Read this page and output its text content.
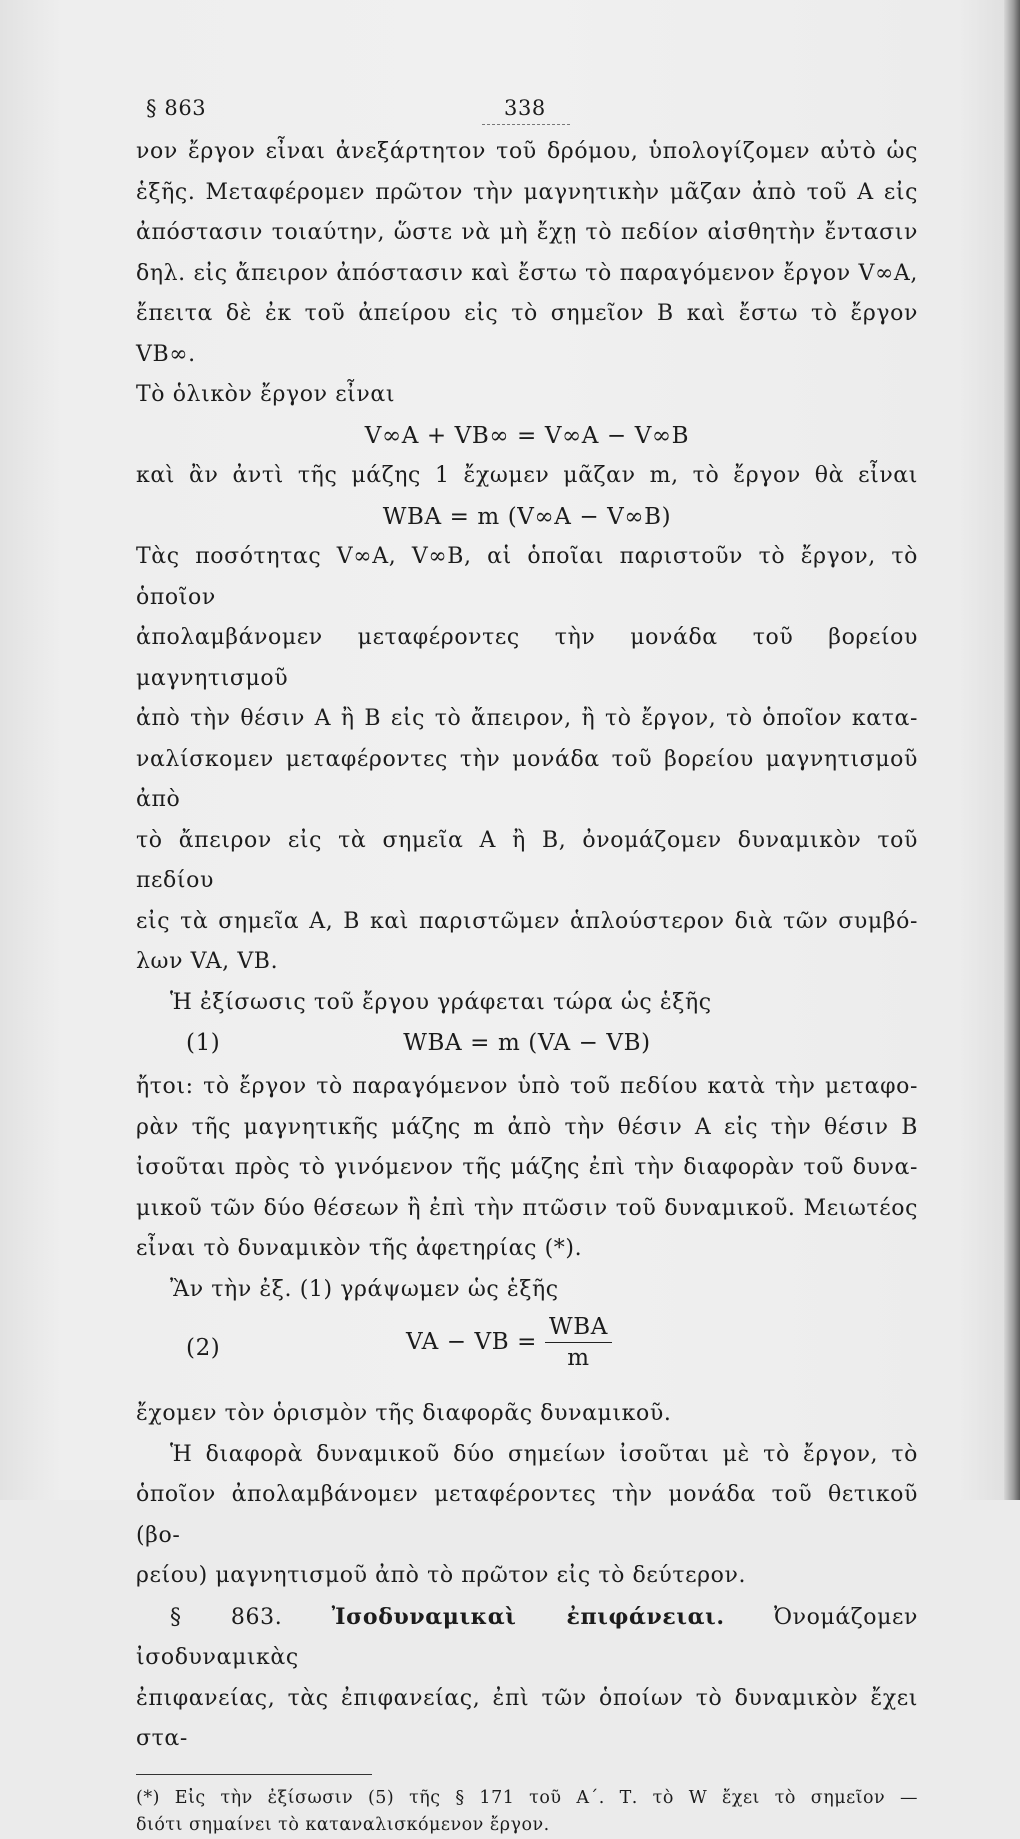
§ 863	338

νον ἔργον εἶναι ἀνεξάρτητον τοῦ δρόμου, ὑπολογίζομεν αὐτὸ ὡς

ἑξῆς. Μεταφέρομεν πρῶτον τὴν μαγνητικὴν μᾶζαν ἀπὸ τοῦ Α εἰς

ἀπόστασιν τοιαύτην, ὥστε νὰ μὴ ἔχῃ τὸ πεδίον αἰσθητὴν ἔντασιν

δηλ. εἰς ἄπειρον ἀπόστασιν καὶ ἔστω τὸ παραγόμενον ἔργον V∞A,

ἔπειτα δὲ ἐκ τοῦ ἀπείρου εἰς τὸ σημεῖον Β καὶ ἔστω τὸ ἔργον VB∞.

Τὸ ὁλικὸν ἔργον εἶναι

V∞A + VB∞ = V∞A − V∞B

καὶ ἂν ἀντὶ τῆς μάζης 1 ἔχωμεν μᾶζαν m, τὸ ἔργον θὰ εἶναι

WBA = m (V∞A − V∞B)

Τὰς ποσότητας V∞A, V∞B, αἱ ὁποῖαι παριστοῦν τὸ ἔργον, τὸ ὁποῖον

ἀπολαμβάνομεν μεταφέροντες τὴν μονάδα τοῦ βορείου μαγνητισμοῦ

ἀπὸ τὴν θέσιν Α ἢ Β εἰς τὸ ἄπειρον, ἢ τὸ ἔργον, τὸ ὁποῖον κατα-

ναλίσκομεν μεταφέροντες τὴν μονάδα τοῦ βορείου μαγνητισμοῦ ἀπὸ

τὸ ἄπειρον εἰς τὰ σημεῖα Α ἢ Β, ὀνομάζομεν δυναμικὸν τοῦ πεδίου

εἰς τὰ σημεῖα Α, Β καὶ παριστῶμεν ἁπλούστερον διὰ τῶν συμβό-

λων VA, VB.

Ἡ ἐξίσωσις τοῦ ἔργου γράφεται τώρα ὡς ἑξῆς

(1)	WBA = m (VA − VB)

ἤτοι: τὸ ἔργον τὸ παραγόμενον ὑπὸ τοῦ πεδίου κατὰ τὴν μεταφο-

ρὰν τῆς μαγνητικῆς μάζης m ἀπὸ τὴν θέσιν Α εἰς τὴν θέσιν Β

ἰσοῦται πρὸς τὸ γινόμενον τῆς μάζης ἐπὶ τὴν διαφορὰν τοῦ δυνα-

μικοῦ τῶν δύο θέσεων ἢ ἐπὶ τὴν πτῶσιν τοῦ δυναμικοῦ. Μειωτέος

εἶναι τὸ δυναμικὸν τῆς ἀφετηρίας (*).

Ἂν τὴν ἐξ. (1) γράψωμεν ὡς ἑξῆς

(2)	VA − VB = $\frac{\text{WBA}}{m}$

ἔχομεν τὸν ὁρισμὸν τῆς διαφορᾶς δυναμικοῦ.

Ἡ διαφορὰ δυναμικοῦ δύο σημείων ἰσοῦται μὲ τὸ ἔργον, τὸ

ὁποῖον ἀπολαμβάνομεν μεταφέροντες τὴν μονάδα τοῦ θετικοῦ (βο-

ρείου) μαγνητισμοῦ ἀπὸ τὸ πρῶτον εἰς τὸ δεύτερον.

§ 863. Ἰσοδυναμικαὶ ἐπιφάνειαι. Ὀνομάζομεν ἰσοδυναμικὰς

ἐπιφανείας, τὰς ἐπιφανείας, ἐπὶ τῶν ὁποίων τὸ δυναμικὸν ἔχει στα-

(*) Εἰς τὴν ἐξίσωσιν (5) τῆς § 171 τοῦ Α΄. Τ. τὸ W ἔχει τὸ σημεῖον —

διότι σημαίνει τὸ καταναλισκόμενον ἔργον.
